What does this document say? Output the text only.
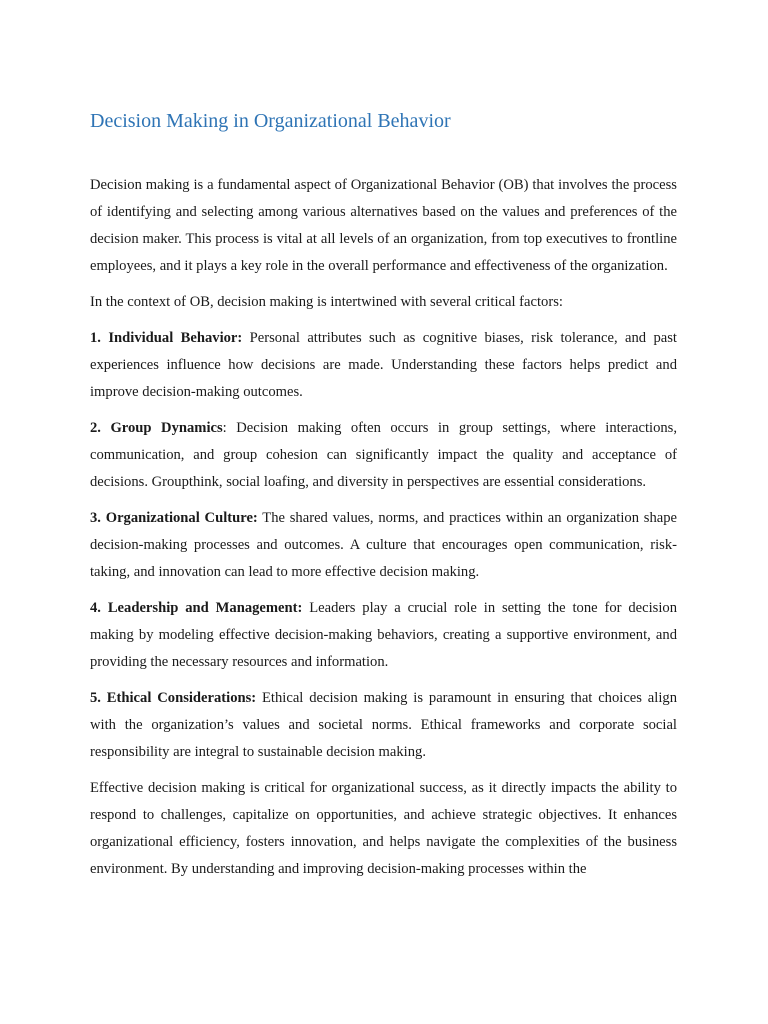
Decision Making in Organizational Behavior

Decision making is a fundamental aspect of Organizational Behavior (OB) that involves the process of identifying and selecting among various alternatives based on the values and preferences of the decision maker. This process is vital at all levels of an organization, from top executives to frontline employees, and it plays a key role in the overall performance and effectiveness of the organization.

In the context of OB, decision making is intertwined with several critical factors:

1. Individual Behavior: Personal attributes such as cognitive biases, risk tolerance, and past experiences influence how decisions are made. Understanding these factors helps predict and improve decision-making outcomes.

2. Group Dynamics: Decision making often occurs in group settings, where interactions, communication, and group cohesion can significantly impact the quality and acceptance of decisions. Groupthink, social loafing, and diversity in perspectives are essential considerations.

3. Organizational Culture: The shared values, norms, and practices within an organization shape decision-making processes and outcomes. A culture that encourages open communication, risk-taking, and innovation can lead to more effective decision making.

4. Leadership and Management: Leaders play a crucial role in setting the tone for decision making by modeling effective decision-making behaviors, creating a supportive environment, and providing the necessary resources and information.

5. Ethical Considerations: Ethical decision making is paramount in ensuring that choices align with the organization’s values and societal norms. Ethical frameworks and corporate social responsibility are integral to sustainable decision making.

Effective decision making is critical for organizational success, as it directly impacts the ability to respond to challenges, capitalize on opportunities, and achieve strategic objectives. It enhances organizational efficiency, fosters innovation, and helps navigate the complexities of the business environment. By understanding and improving decision-making processes within the
